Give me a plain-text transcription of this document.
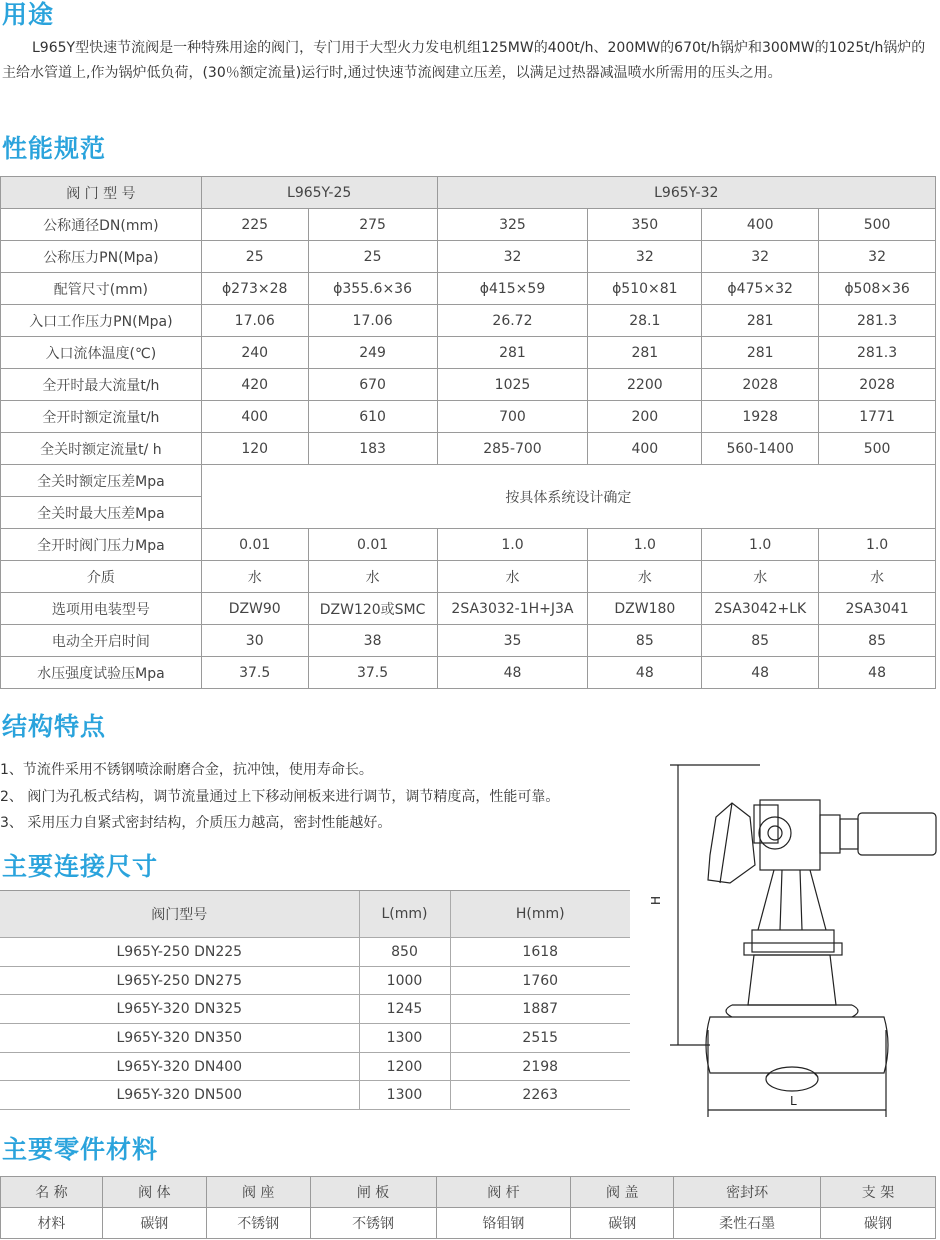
用途

L965Y型快速节流阀是一种特殊用途的阀门，专门用于大型火力发电机组125MW的400t/h、200MW的670t/h锅炉和300MW的1025t/h锅炉的主给水管道上,作为锅炉低负荷，(30％额定流量)运行时,通过快速节流阀建立压差，以满足过热器减温喷水所需用的压头之用。

性能规范
阀 门 型 号	L965Y-25		L965Y-32			
公称通径DN(mm)	225	275	325	350	400	500
公称压力PN(Mpa)	25	25	32	32	32	32
配管尺寸(mm)	ϕ273×28	ϕ355.6×36	ϕ415×59	ϕ510×81	ϕ475×32	ϕ508×36
入口工作压力PN(Mpa)	17.06	17.06	26.72	28.1	281	281.3
入口流体温度(℃)	240	249	281	281	281	281.3
全开时最大流量t/h	420	670	1025	2200	2028	2028
全开时额定流量t/h	400	610	700	200	1928	1771
全关时额定流量t/ h	120	183	285-700	400	560-1400	500
全关时额定压差Mpa	按具体系统设计确定					
全关时最大压差Mpa						
全开时阀门压力Mpa	0.01	0.01	1.0	1.0	1.0	1.0
介质	水	水	水	水	水	水
选项用电装型号	DZW90	DZW120或SMC	2SA3032-1H+J3A	DZW180	2SA3042+LK	2SA3041
电动全开启时间	30	38	35	85	85	85
水压强度试验压Mpa	37.5	37.5	48	48	48	48
结构特点
1、节流件采用不锈钢喷涂耐磨合金，抗冲蚀，使用寿命长。
2、 阀门为孔板式结构，调节流量通过上下移动闸板来进行调节，调节精度高，性能可靠。
3、 采用压力自紧式密封结构，介质压力越高，密封性能越好。
主要连接尺寸
阀门型号	L(mm)	H(mm)
L965Y-250 DN225	850	1618
L965Y-250 DN275	1000	1760
L965Y-320 DN325	1245	1887
L965Y-320 DN350	1300	2515
L965Y-320 DN400	1200	2198
L965Y-320 DN500	1300	2263
H
L
主要零件材料
名 称	阀 体	阀 座	闸 板	阀 杆	阀 盖	密封环	支 架
材料	碳钢	不锈钢	不锈钢	铬钼钢	碳钢	柔性石墨	碳钢
